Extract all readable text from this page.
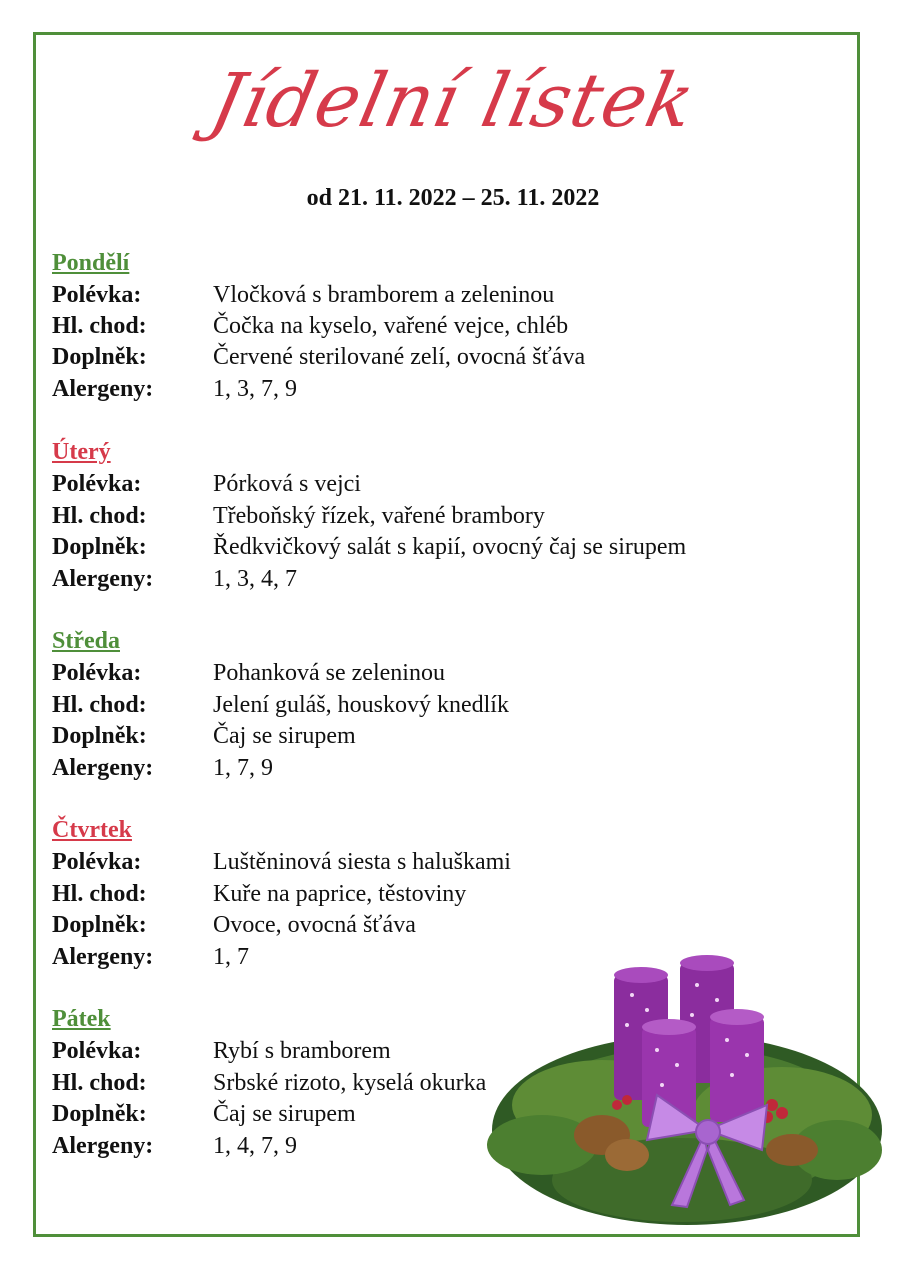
Jídelní lístek
od 21. 11. 2022 – 25. 11. 2022
Pondělí
Polévka:	Vločková s bramborem a zeleninou
Hl. chod:	Čočka na kyselo, vařené vejce, chléb
Doplněk:	Červené sterilované zelí, ovocná šťáva
Alergeny: 1, 3, 7, 9
Úterý
Polévka:	Pórková s vejci
Hl. chod:	Třeboňský řízek, vařené brambory
Doplněk:	Ředkvičkový salát s kapií, ovocný čaj se sirupem
Alergeny: 1, 3, 4, 7
Středa
Polévka:	Pohanková se zeleninou
Hl. chod:	Jelení guláš, houskový knedlík
Doplněk:	Čaj se sirupem
Alergeny: 1, 7, 9
Čtvrtek
Polévka:	Luštěninová siesta s haluškami
Hl. chod:	Kuře na paprice, těstoviny
Doplněk:	Ovoce, ovocná šťáva
Alergeny: 1, 7
Pátek
Polévka:	Rybí s bramborem
Hl. chod:	Srbské rizoto, kyselá okurka
Doplněk:	Čaj se sirupem
Alergeny: 1, 4, 7, 9
